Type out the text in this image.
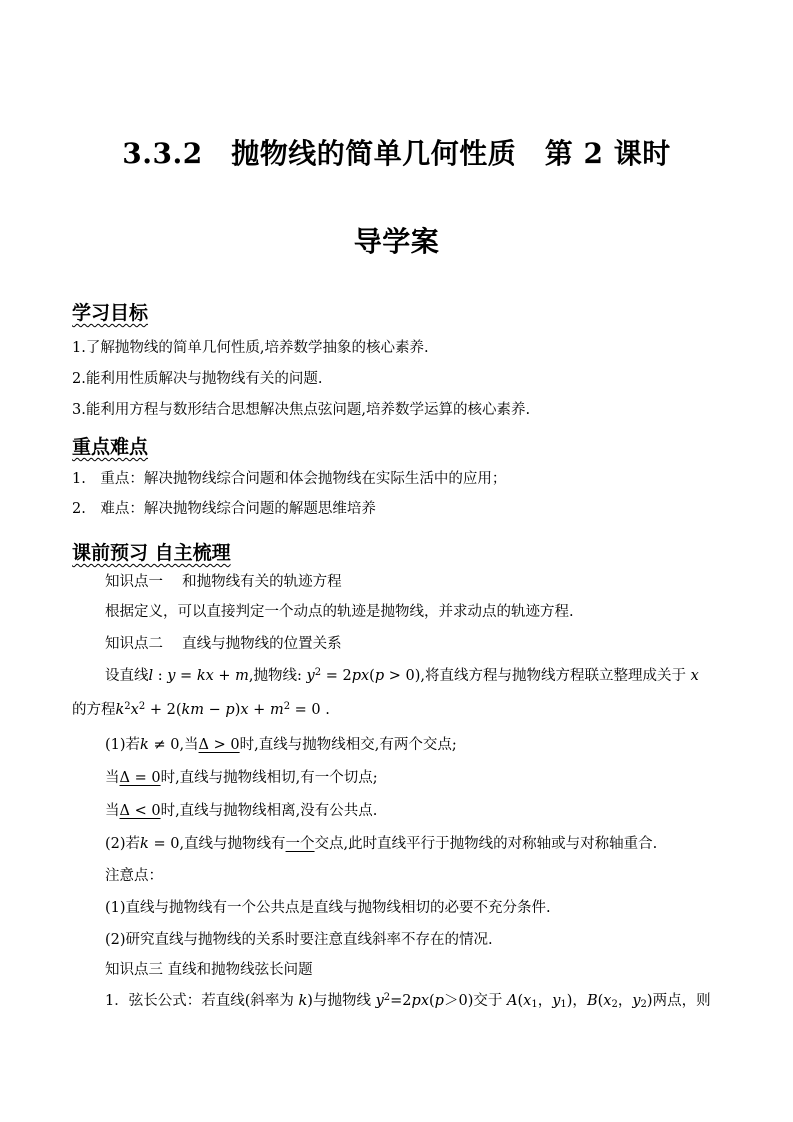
3.3.2　抛物线的简单几何性质　第 2 课时
导学案
学习目标
1.了解抛物线的简单几何性质,培养数学抽象的核心素养.
2.能利用性质解决与抛物线有关的问题.
3.能利用方程与数形结合思想解决焦点弦问题,培养数学运算的核心素养.
重点难点
1.　重点：解决抛物线综合问题和体会抛物线在实际生活中的应用；
2.　难点：解决抛物线综合问题的解题思维培养
课前预习 自主梳理
知识点一　 和抛物线有关的轨迹方程
根据定义，可以直接判定一个动点的轨迹是抛物线，并求动点的轨迹方程.
知识点二　 直线与抛物线的位置关系
设直线l : y = kx + m,抛物线: $y^2 = 2px(p > 0)$,将直线方程与抛物线方程联立整理成关于 x
的方程$k^2x^2 + 2(km - p)x + m^2 = 0$ .
(1)若k ≠ 0,当Δ > 0时,直线与抛物线相交,有两个交点;
当Δ = 0时,直线与抛物线相切,有一个切点;
当Δ < 0时,直线与抛物线相离,没有公共点.
(2)若k = 0,直线与抛物线有一个交点,此时直线平行于抛物线的对称轴或与对称轴重合.
注意点：
(1)直线与抛物线有一个公共点是直线与抛物线相切的必要不充分条件.
(2)研究直线与抛物线的关系时要注意直线斜率不存在的情况.
知识点三 直线和抛物线弦长问题
1．弦长公式：若直线(斜率为 k)与抛物线 $y^2=2px(p>0)$交于 $A(x_1$，$y_1$)，$B(x_2$，$y_2$)两点，则
